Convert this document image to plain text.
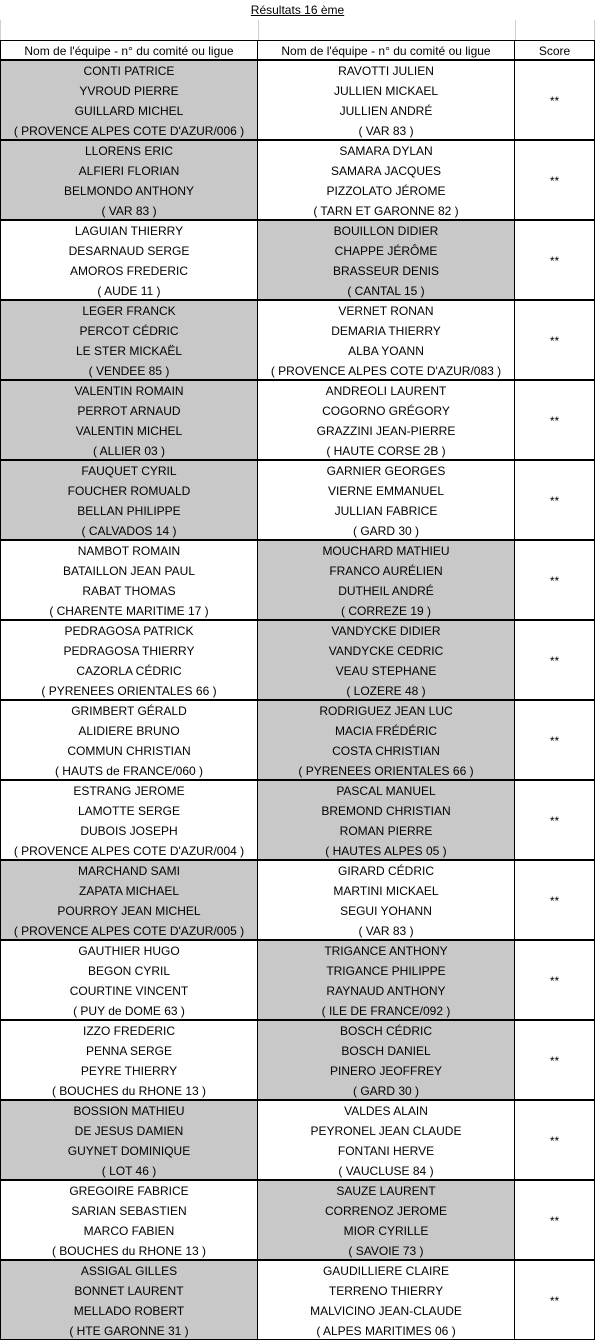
Résultats 16 ème
Nom de l'équipe - n° du comité ou ligue	Nom de l'équipe - n° du comité ou ligue	Score
CONTI PATRICE
YVROUD PIERRE
GUILLARD MICHEL
( PROVENCE ALPES COTE D'AZUR/006 )
RAVOTTI JULIEN
JULLIEN MICKAEL
JULLIEN ANDRÉ
( VAR 83 )
**
LLORENS ERIC
ALFIERI FLORIAN
BELMONDO ANTHONY
( VAR 83 )
SAMARA DYLAN
SAMARA JACQUES
PIZZOLATO JÉROME
( TARN ET GARONNE 82 )
**
LAGUIAN THIERRY
DESARNAUD SERGE
AMOROS FREDERIC
( AUDE 11 )
BOUILLON DIDIER
CHAPPE JÉRÔME
BRASSEUR DENIS
( CANTAL 15 )
**
LEGER FRANCK
PERCOT CÉDRIC
LE STER MICKAËL
( VENDEE 85 )
VERNET RONAN
DEMARIA THIERRY
ALBA YOANN
( PROVENCE ALPES COTE D'AZUR/083 )
**
VALENTIN ROMAIN
PERROT ARNAUD
VALENTIN MICHEL
( ALLIER 03 )
ANDREOLI LAURENT
COGORNO GRÉGORY
GRAZZINI JEAN-PIERRE
( HAUTE CORSE 2B )
**
FAUQUET CYRIL
FOUCHER ROMUALD
BELLAN PHILIPPE
( CALVADOS 14 )
GARNIER GEORGES
VIERNE EMMANUEL
JULLIAN FABRICE
( GARD 30 )
**
NAMBOT ROMAIN
BATAILLON JEAN PAUL
RABAT THOMAS
( CHARENTE MARITIME 17 )
MOUCHARD MATHIEU
FRANCO AURÉLIEN
DUTHEIL ANDRÉ
( CORREZE 19 )
**
PEDRAGOSA PATRICK
PEDRAGOSA THIERRY
CAZORLA CÉDRIC
( PYRENEES ORIENTALES 66 )
VANDYCKE DIDIER
VANDYCKE CEDRIC
VEAU STEPHANE
( LOZERE 48 )
**
GRIMBERT GÉRALD
ALIDIERE BRUNO
COMMUN CHRISTIAN
( HAUTS de FRANCE/060 )
RODRIGUEZ JEAN LUC
MACIA FRÉDÉRIC
COSTA CHRISTIAN
( PYRENEES ORIENTALES 66 )
**
ESTRANG JEROME
LAMOTTE SERGE
DUBOIS JOSEPH
( PROVENCE ALPES COTE D'AZUR/004 )
PASCAL MANUEL
BREMOND CHRISTIAN
ROMAN PIERRE
( HAUTES ALPES 05 )
**
MARCHAND SAMI
ZAPATA MICHAEL
POURROY JEAN MICHEL
( PROVENCE ALPES COTE D'AZUR/005 )
GIRARD CÉDRIC
MARTINI MICKAEL
SEGUI YOHANN
( VAR 83 )
**
GAUTHIER HUGO
BEGON CYRIL
COURTINE VINCENT
( PUY de DOME 63 )
TRIGANCE ANTHONY
TRIGANCE PHILIPPE
RAYNAUD ANTHONY
( ILE DE FRANCE/092 )
**
IZZO FREDERIC
PENNA SERGE
PEYRE THIERRY
( BOUCHES du RHONE 13 )
BOSCH CÉDRIC
BOSCH DANIEL
PINERO JEOFFREY
( GARD 30 )
**
BOSSION MATHIEU
DE JESUS DAMIEN
GUYNET DOMINIQUE
( LOT 46 )
VALDES ALAIN
PEYRONEL JEAN CLAUDE
FONTANI HERVE
( VAUCLUSE 84 )
**
GREGOIRE FABRICE
SARIAN SEBASTIEN
MARCO FABIEN
( BOUCHES du RHONE 13 )
SAUZE LAURENT
CORRENOZ JEROME
MIOR CYRILLE
( SAVOIE 73 )
**
ASSIGAL GILLES
BONNET LAURENT
MELLADO ROBERT
( HTE GARONNE 31 )
GAUDILLIERE CLAIRE
TERRENO THIERRY
MALVICINO JEAN-CLAUDE
( ALPES MARITIMES 06 )
**
